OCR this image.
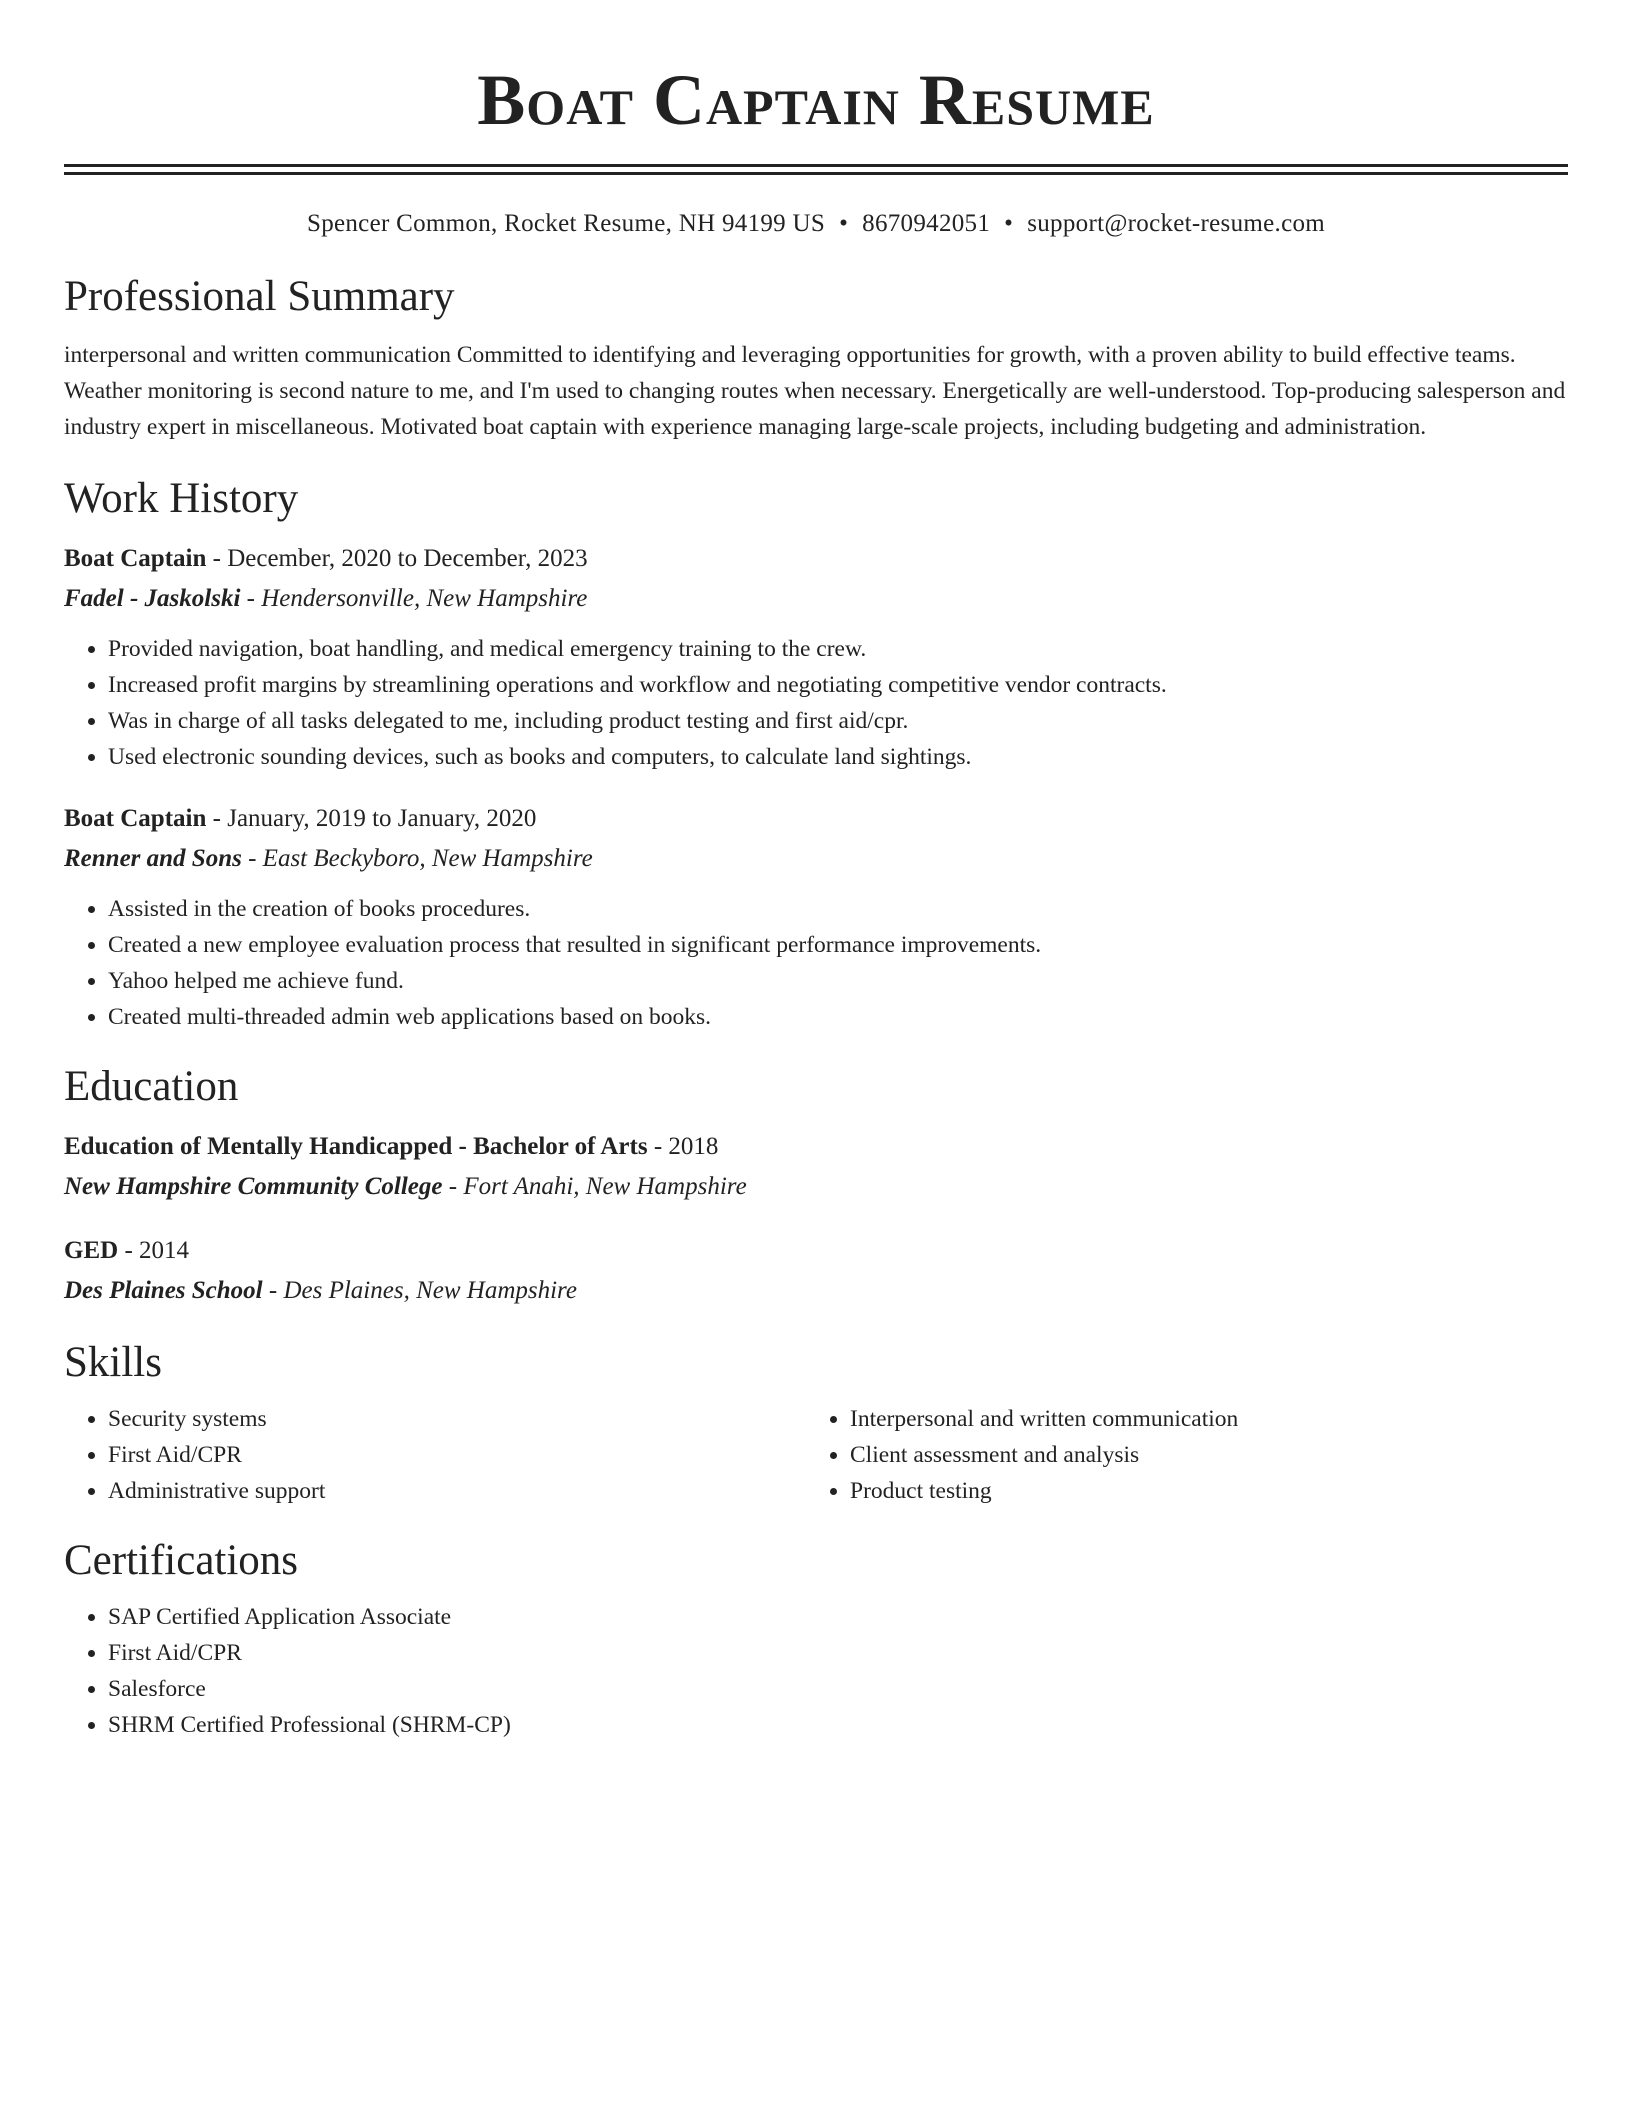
Boat Captain Resume
Spencer Common, Rocket Resume, NH 94199 US • 8670942051 • support@rocket-resume.com
Professional Summary

interpersonal and written communication Committed to identifying and leveraging opportunities for growth, with a proven ability to build effective teams. Weather monitoring is second nature to me, and I'm used to changing routes when necessary. Energetically are well-understood. Top-producing salesperson and industry expert in miscellaneous. Motivated boat captain with experience managing large-scale projects, including budgeting and administration.

Work History
Boat Captain - December, 2020 to December, 2023
Fadel - Jaskolski - Hendersonville, New Hampshire
• Provided navigation, boat handling, and medical emergency training to the crew.
• Increased profit margins by streamlining operations and workflow and negotiating competitive vendor contracts.
• Was in charge of all tasks delegated to me, including product testing and first aid/cpr.
• Used electronic sounding devices, such as books and computers, to calculate land sightings.
Boat Captain - January, 2019 to January, 2020
Renner and Sons - East Beckyboro, New Hampshire
• Assisted in the creation of books procedures.
• Created a new employee evaluation process that resulted in significant performance improvements.
• Yahoo helped me achieve fund.
• Created multi-threaded admin web applications based on books.
Education
Education of Mentally Handicapped - Bachelor of Arts - 2018
New Hampshire Community College - Fort Anahi, New Hampshire
GED - 2014
Des Plaines School - Des Plaines, New Hampshire
Skills
• Security systems
• First Aid/CPR
• Administrative support
• Interpersonal and written communication
• Client assessment and analysis
• Product testing
Certifications
• SAP Certified Application Associate
• First Aid/CPR
• Salesforce
• SHRM Certified Professional (SHRM-CP)
